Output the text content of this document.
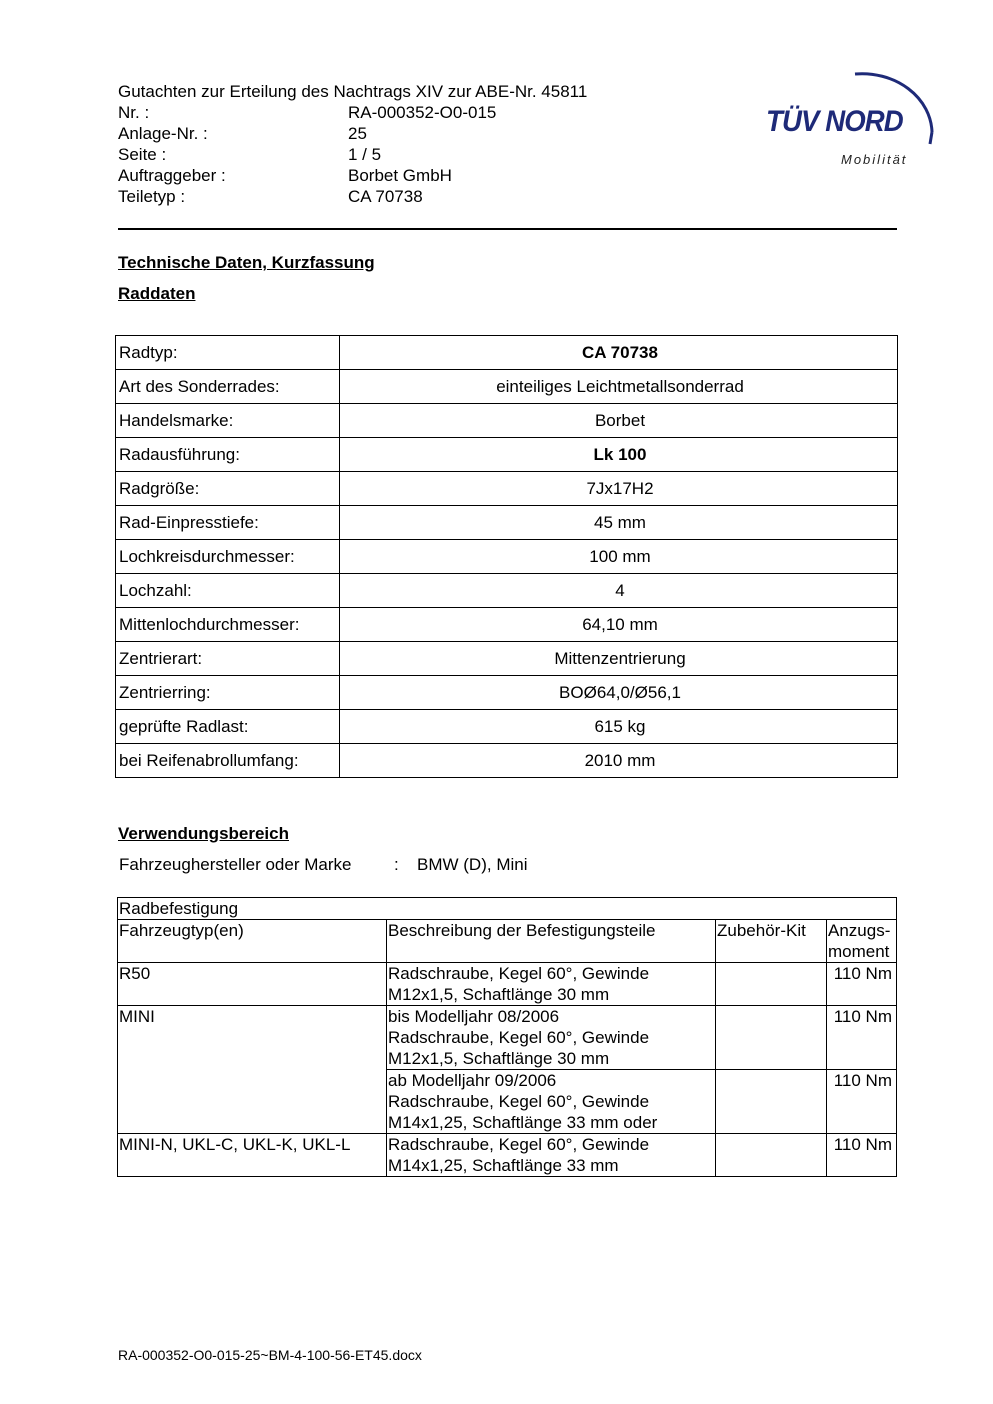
Gutachten zur Erteilung des Nachtrags XIV zur ABE-Nr. 45811
Nr. :	RA-000352-O0-015
Anlage-Nr. :	25
Seite :	1 / 5
Auftraggeber :	Borbet GmbH
Teiletyp :	CA 70738
TÜV NORD
Mobilität
Technische Daten, Kurzfassung
Raddaten
Radtyp:	CA 70738
Art des Sonderrades:	einteiliges Leichtmetallsonderrad
Handelsmarke:	Borbet
Radausführung:	Lk 100
Radgröße:	7Jx17H2
Rad-Einpresstiefe:	45 mm
Lochkreisdurchmesser:	100 mm
Lochzahl:	4
Mittenlochdurchmesser:	64,10 mm
Zentrierart:	Mittenzentrierung
Zentrierring:	BOØ64,0/Ø56,1
geprüfte Radlast:	615 kg
bei Reifenabrollumfang:	2010 mm
Verwendungsbereich
Fahrzeughersteller oder Marke	: BMW (D), Mini
Radbefestigung			
Fahrzeugtyp(en)	Beschreibung der Befestigungsteile	Zubehör-Kit	Anzugs-
moment

R50	Radschraube, Kegel 60°, Gewinde
M12x1,5, Schaftlänge 30 mm		110 Nm
MINI	bis Modelljahr 08/2006
Radschraube, Kegel 60°, Gewinde
M12x1,5, Schaftlänge 30 mm		110 Nm

	ab Modelljahr 09/2006
Radschraube, Kegel 60°, Gewinde
M14x1,25, Schaftlänge 33 mm oder		110 Nm
MINI-N, UKL-C, UKL-K, UKL-L	Radschraube, Kegel 60°, Gewinde
M14x1,25, Schaftlänge 33 mm		110 Nm
RA-000352-O0-015-25~BM-4-100-56-ET45.docx
